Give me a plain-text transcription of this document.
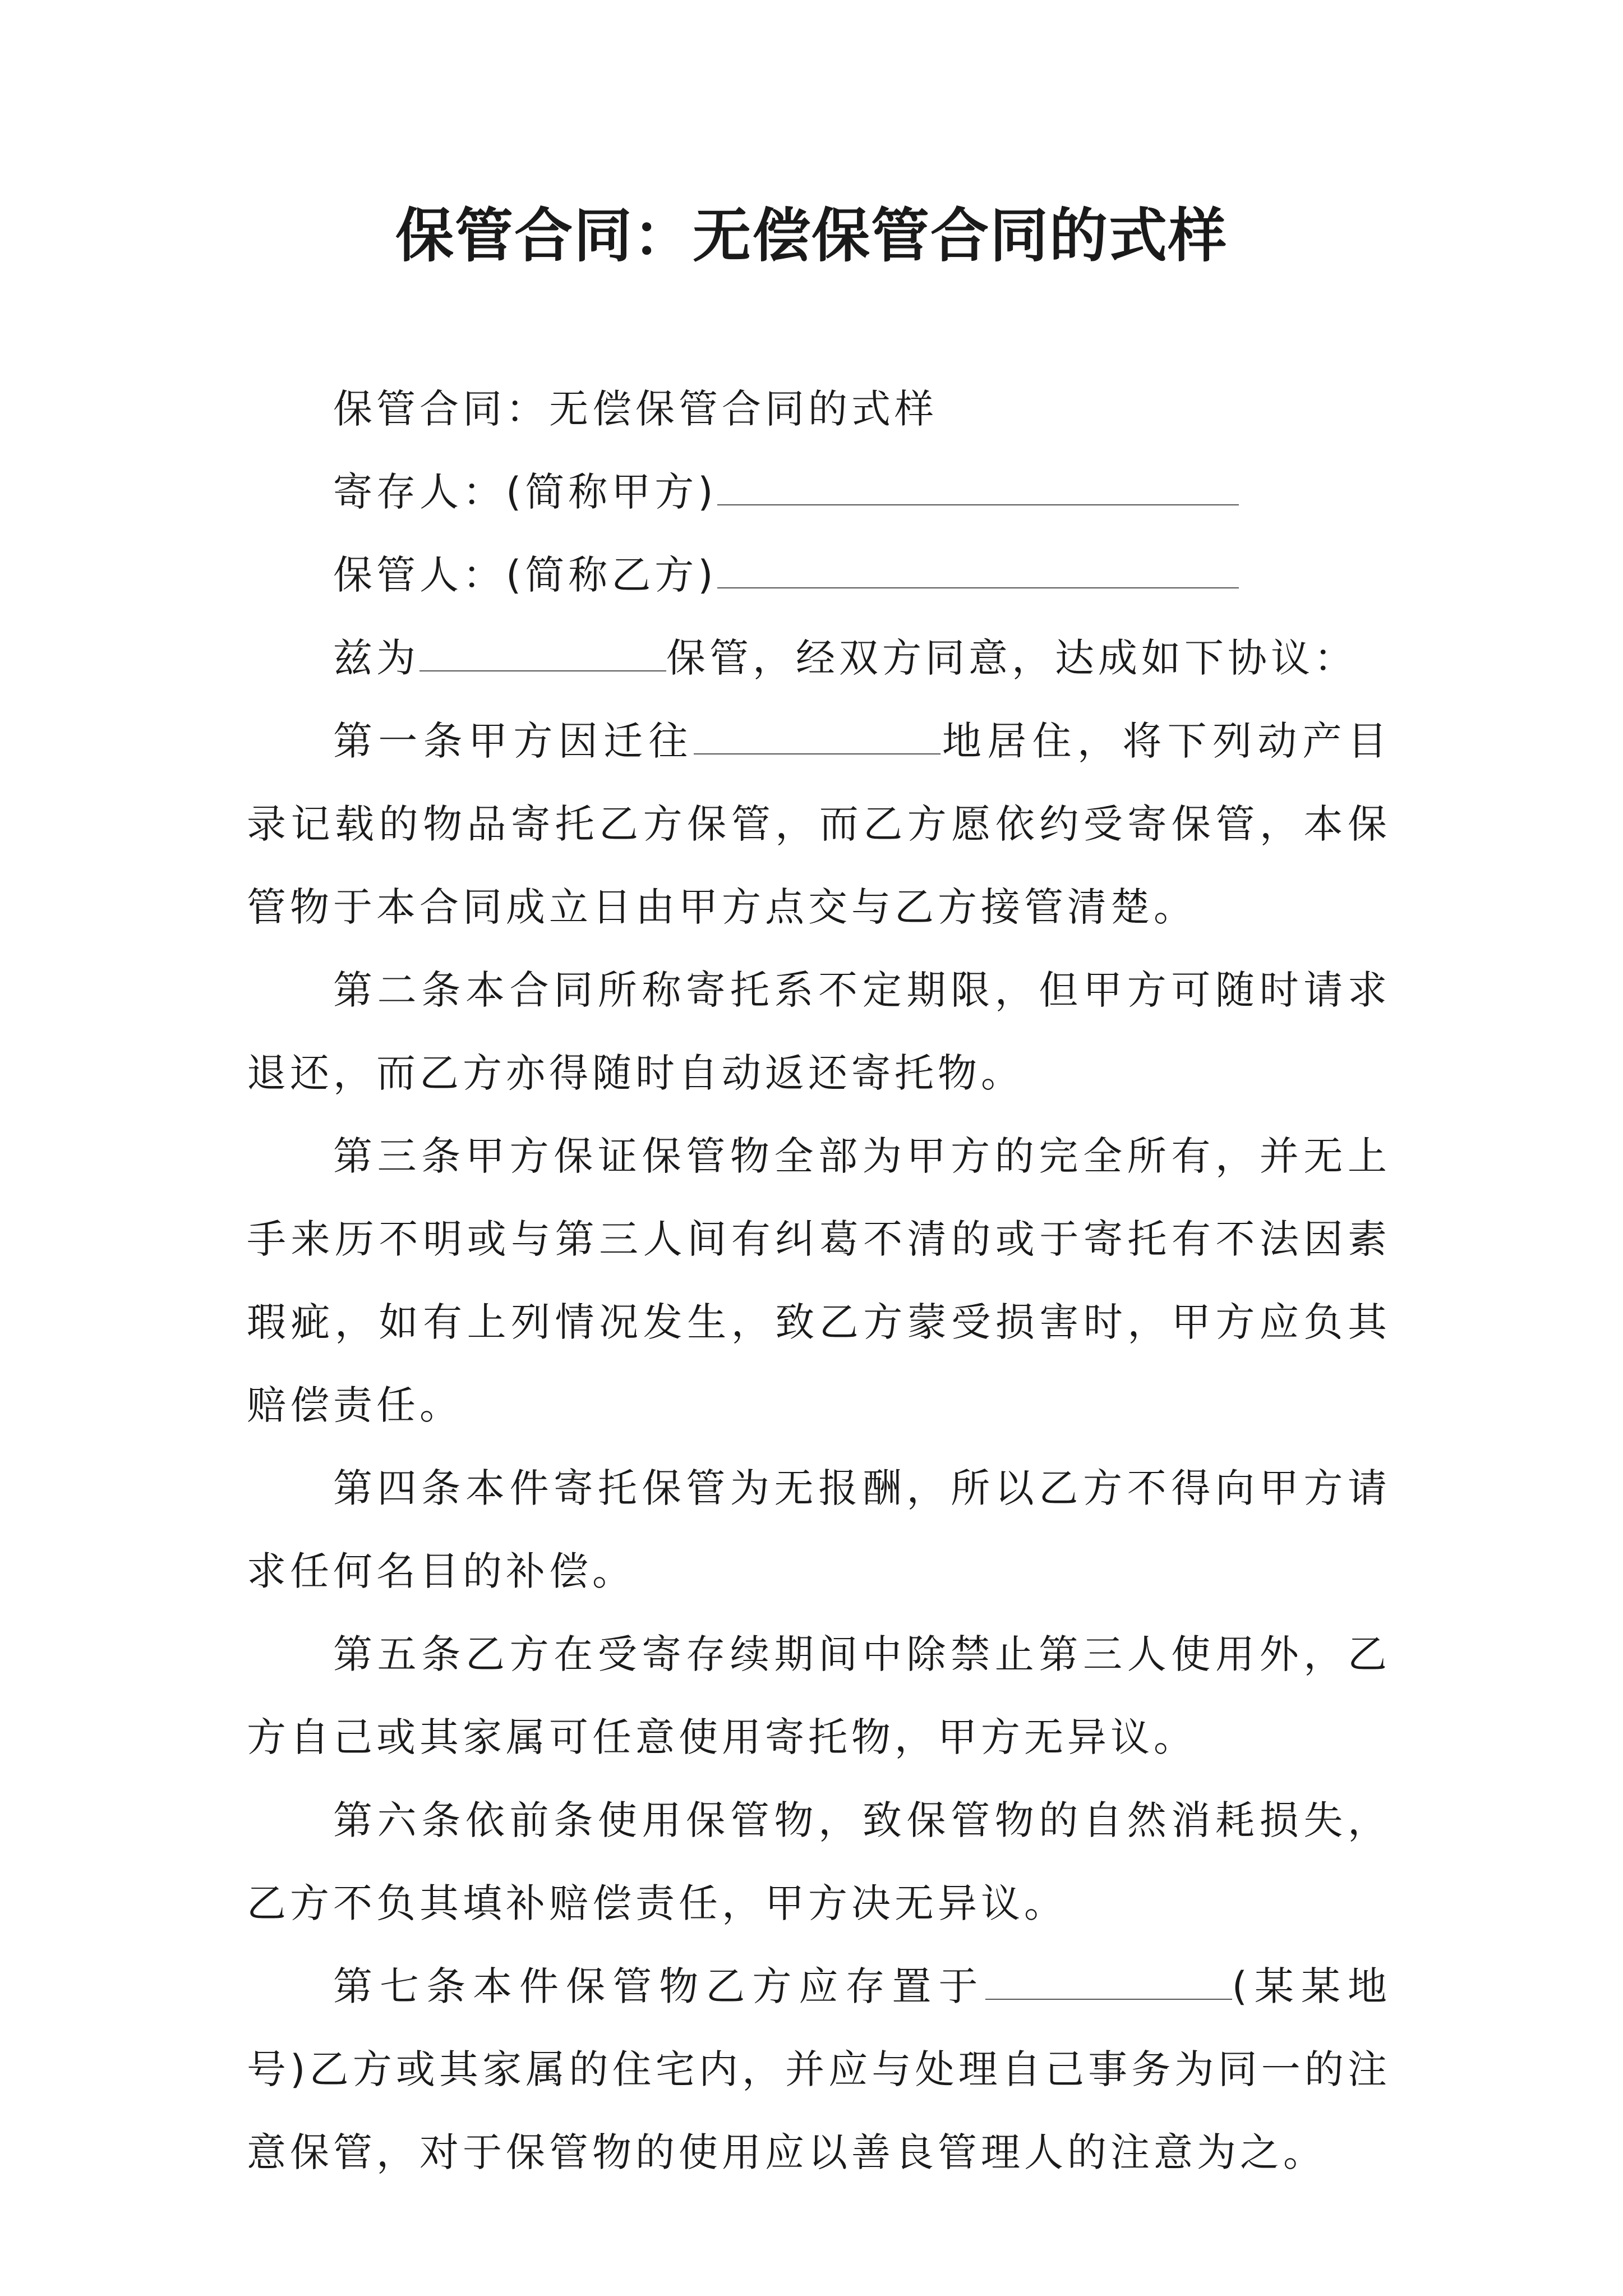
保管合同：无偿保管合同的式样

保管合同：无偿保管合同的式样

寄存人：(简称甲方)

保管人：(简称乙方)

兹为	保管，经双方同意，达成如下协议：

第一条甲方因迁往	地居住，将下列动产目录记载的物品寄托乙方保管，而乙方愿依约受寄保管，本保管物于本合同成立日由甲方点交与乙方接管清楚。

第二条本合同所称寄托系不定期限，但甲方可随时请求退还，而乙方亦得随时自动返还寄托物。

第三条甲方保证保管物全部为甲方的完全所有，并无上手来历不明或与第三人间有纠葛不清的或于寄托有不法因素瑕疵，如有上列情况发生，致乙方蒙受损害时，甲方应负其赔偿责任。

第四条本件寄托保管为无报酬，所以乙方不得向甲方请求任何名目的补偿。

第五条乙方在受寄存续期间中除禁止第三人使用外，乙方自己或其家属可任意使用寄托物，甲方无异议。

第六条依前条使用保管物，致保管物的自然消耗损失，乙方不负其填补赔偿责任，甲方决无异议。

第七条本件保管物乙方应存置于	(某某地号)乙方或其家属的住宅内，并应与处理自己事务为同一的注意保管，对于保管物的使用应以善良管理人的注意为之。
